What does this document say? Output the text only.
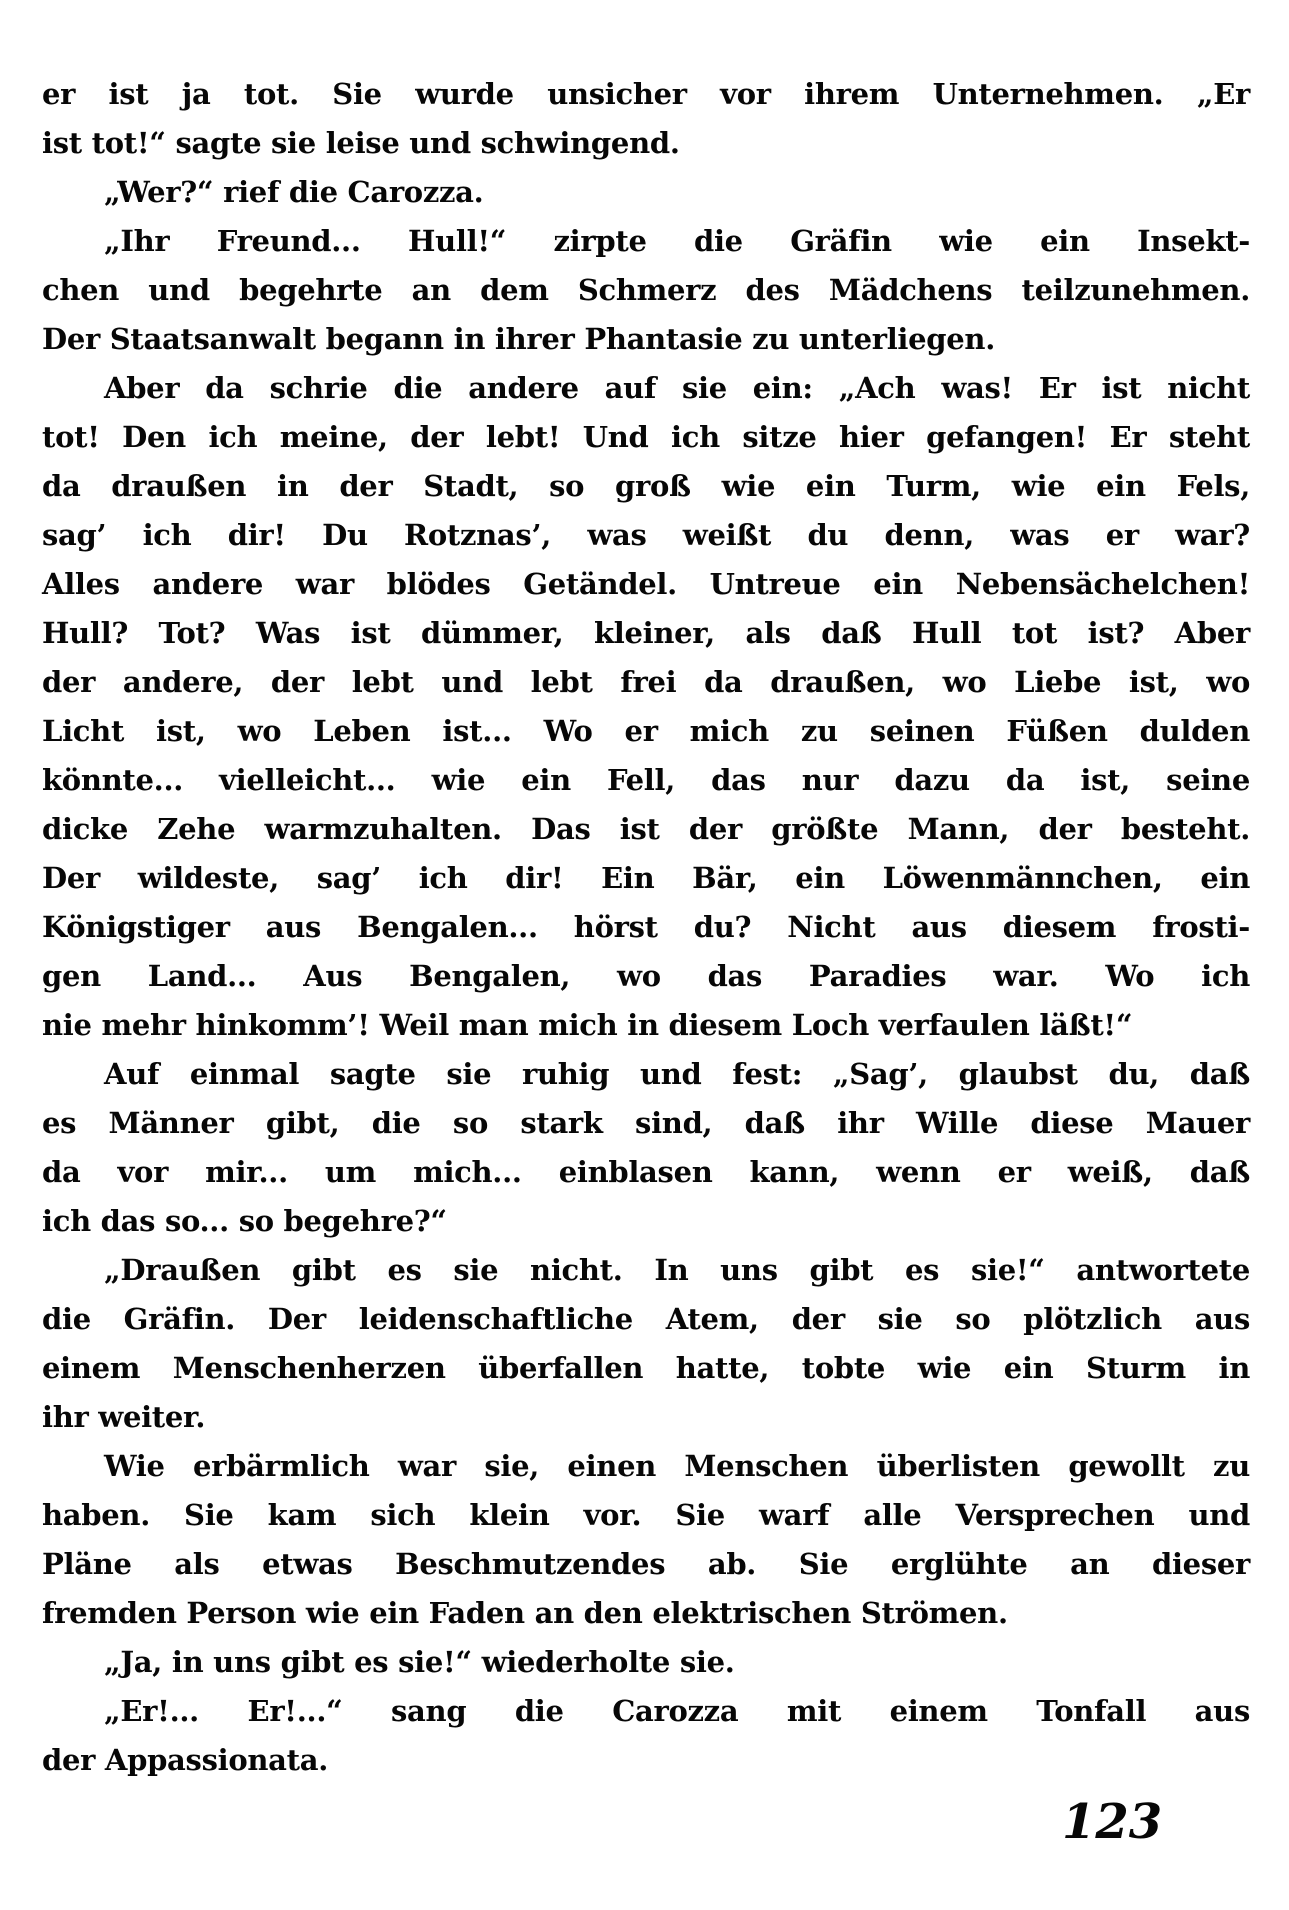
er ist ja tot. Sie wurde unsicher vor ihrem Unternehmen. „Er
ist tot!“ sagte sie leise und schwingend.
„Wer?“ rief die Carozza.
„Ihr Freund... Hull!“ zirpte die Gräfin wie ein Insekt-
chen und begehrte an dem Schmerz des Mädchens teilzunehmen.
Der Staatsanwalt begann in ihrer Phantasie zu unterliegen.
Aber da schrie die andere auf sie ein: „Ach was! Er ist nicht
tot! Den ich meine, der lebt! Und ich sitze hier gefangen! Er steht
da draußen in der Stadt, so groß wie ein Turm, wie ein Fels,
sag’ ich dir! Du Rotznas’, was weißt du denn, was er war?
Alles andere war blödes Getändel. Untreue ein Nebensächelchen!
Hull? Tot? Was ist dümmer, kleiner, als daß Hull tot ist? Aber
der andere, der lebt und lebt frei da draußen, wo Liebe ist, wo
Licht ist, wo Leben ist... Wo er mich zu seinen Füßen dulden
könnte... vielleicht... wie ein Fell, das nur dazu da ist, seine
dicke Zehe warmzuhalten. Das ist der größte Mann, der besteht.
Der wildeste, sag’ ich dir! Ein Bär, ein Löwenmännchen, ein
Königstiger aus Bengalen... hörst du? Nicht aus diesem frosti-
gen Land... Aus Bengalen, wo das Paradies war. Wo ich
nie mehr hinkomm’! Weil man mich in diesem Loch verfaulen läßt!“
Auf einmal sagte sie ruhig und fest: „Sag’, glaubst du, daß
es Männer gibt, die so stark sind, daß ihr Wille diese Mauer
da vor mir... um mich... einblasen kann, wenn er weiß, daß
ich das so... so begehre?“
„Draußen gibt es sie nicht. In uns gibt es sie!“ antwortete
die Gräfin. Der leidenschaftliche Atem, der sie so plötzlich aus
einem Menschenherzen überfallen hatte, tobte wie ein Sturm in
ihr weiter.
Wie erbärmlich war sie, einen Menschen überlisten gewollt zu
haben. Sie kam sich klein vor. Sie warf alle Versprechen und
Pläne als etwas Beschmutzendes ab. Sie erglühte an dieser
fremden Person wie ein Faden an den elektrischen Strömen.
„Ja, in uns gibt es sie!“ wiederholte sie.
„Er!... Er!...“ sang die Carozza mit einem Tonfall aus
der Appassionata.
123
